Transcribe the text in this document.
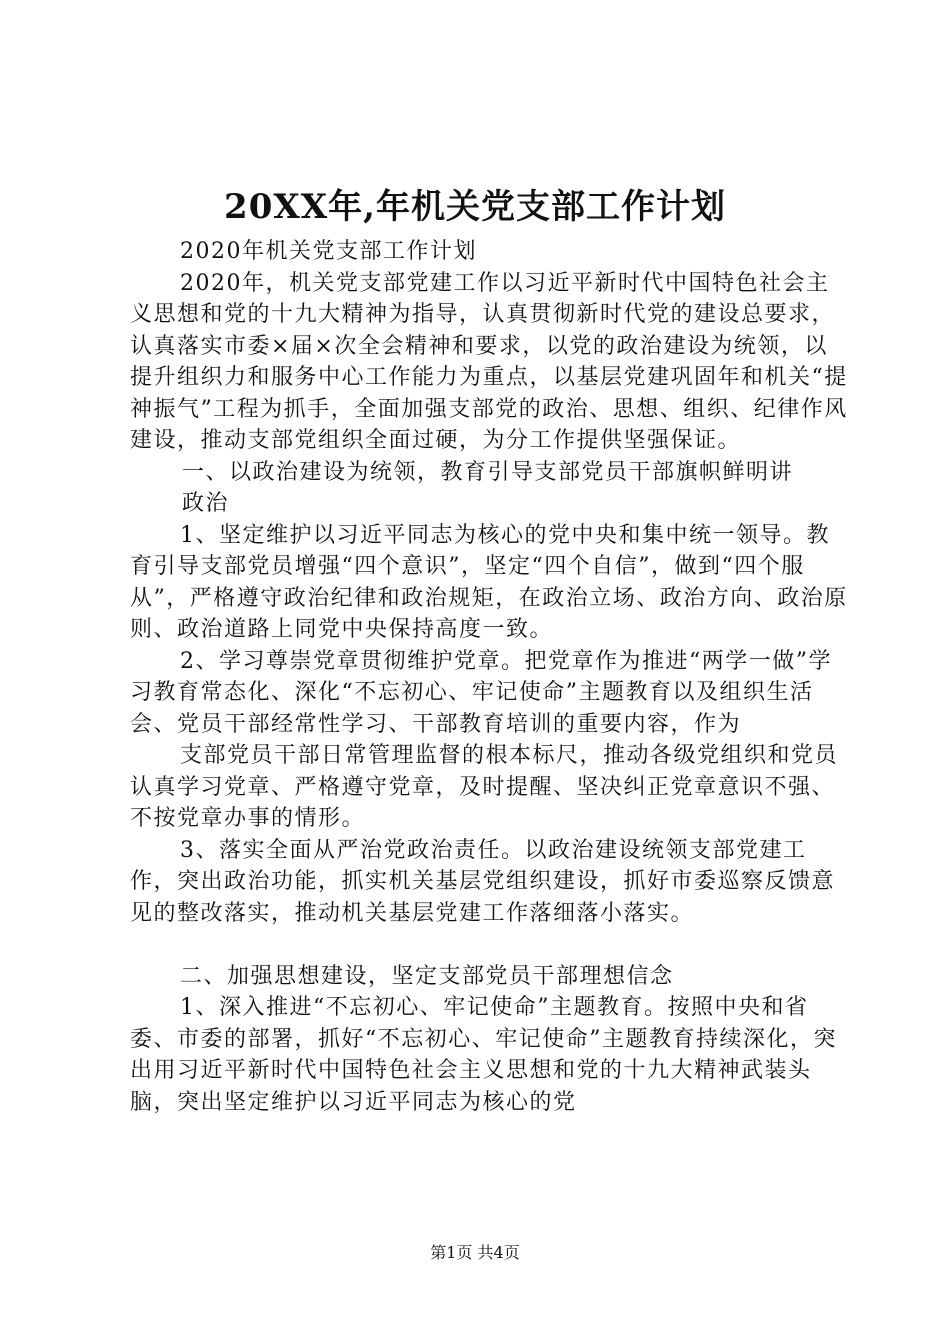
20XX年,年机关党支部工作计划

2020年机关党支部工作计划

2020年，机关党支部党建工作以习近平新时代中国特色社会主义思想和党的十九大精神为指导，认真贯彻新时代党的建设总要求，认真落实市委×届×次全会精神和要求，以党的政治建设为统领，以提升组织力和服务中心工作能力为重点，以基层党建巩固年和机关“提神振气”工程为抓手，全面加强支部党的政治、思想、组织、纪律作风建设，推动支部党组织全面过硬，为分工作提供坚强保证。

一、以政治建设为统领，教育引导支部党员干部旗帜鲜明讲

政治

1、坚定维护以习近平同志为核心的党中央和集中统一领导。教育引导支部党员增强“四个意识”，坚定“四个自信”，做到“四个服从”，严格遵守政治纪律和政治规矩，在政治立场、政治方向、政治原则、政治道路上同党中央保持高度一致。

2、学习尊崇党章贯彻维护党章。把党章作为推进“两学一做”学习教育常态化、深化“不忘初心、牢记使命”主题教育以及组织生活会、党员干部经常性学习、干部教育培训的重要内容，作为

支部党员干部日常管理监督的根本标尺，推动各级党组织和党员认真学习党章、严格遵守党章，及时提醒、坚决纠正党章意识不强、不按党章办事的情形。

3、落实全面从严治党政治责任。以政治建设统领支部党建工作，突出政治功能，抓实机关基层党组织建设，抓好市委巡察反馈意见的整改落实，推动机关基层党建工作落细落小落实。

二、加强思想建设，坚定支部党员干部理想信念

1、深入推进“不忘初心、牢记使命”主题教育。按照中央和省委、市委的部署，抓好“不忘初心、牢记使命”主题教育持续深化，突出用习近平新时代中国特色社会主义思想和党的十九大精神武装头脑，突出坚定维护以习近平同志为核心的党

第1页 共4页
